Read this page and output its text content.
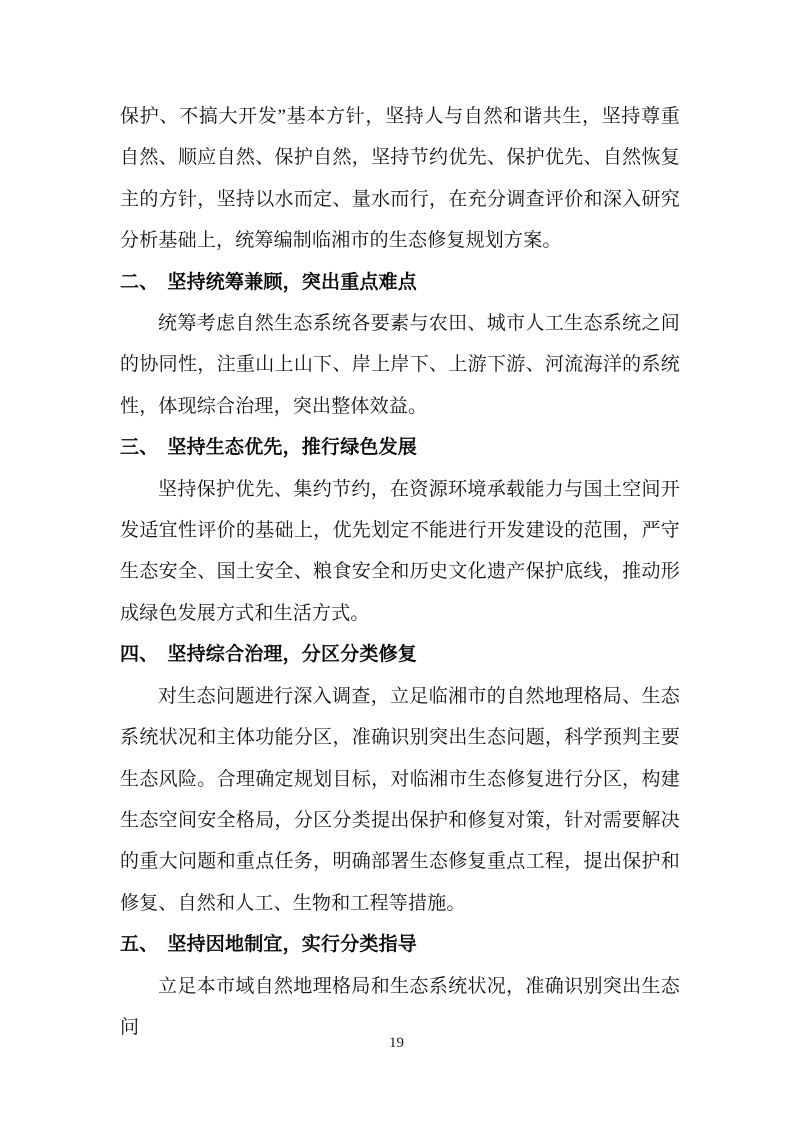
保护、不搞大开发”基本方针，坚持人与自然和谐共生，坚持尊重自然、顺应自然、保护自然，坚持节约优先、保护优先、自然恢复主的方针，坚持以水而定、量水而行，在充分调查评价和深入研究分析基础上，统筹编制临湘市的生态修复规划方案。

二、 坚持统筹兼顾，突出重点难点

统筹考虑自然生态系统各要素与农田、城市人工生态系统之间的协同性，注重山上山下、岸上岸下、上游下游、河流海洋的系统性，体现综合治理，突出整体效益。

三、 坚持生态优先，推行绿色发展

坚持保护优先、集约节约，在资源环境承载能力与国土空间开发适宜性评价的基础上，优先划定不能进行开发建设的范围，严守生态安全、国土安全、粮食安全和历史文化遗产保护底线，推动形成绿色发展方式和生活方式。

四、 坚持综合治理，分区分类修复

对生态问题进行深入调查，立足临湘市的自然地理格局、生态系统状况和主体功能分区，准确识别突出生态问题，科学预判主要生态风险。合理确定规划目标，对临湘市生态修复进行分区，构建生态空间安全格局，分区分类提出保护和修复对策，针对需要解决的重大问题和重点任务，明确部署生态修复重点工程，提出保护和修复、自然和人工、生物和工程等措施。

五、 坚持因地制宜，实行分类指导

立足本市域自然地理格局和生态系统状况，准确识别突出生态问

19
